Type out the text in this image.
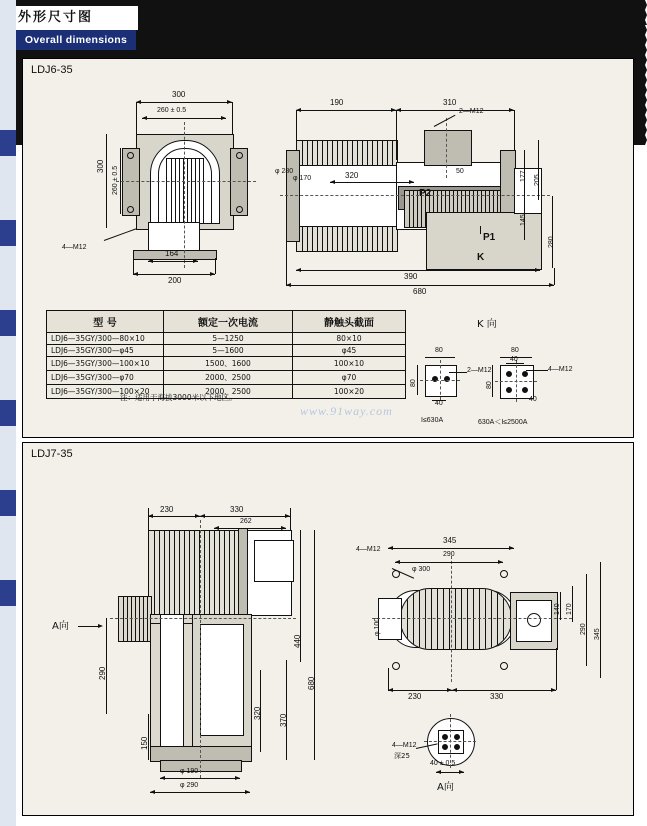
外形尺寸图
Overall dimensions
LDJ6-35
300
260 ± 0.5
300 260 ± 0.5
4—M12
164
200
190	310
2—M12
φ 280
φ 170	320	50
P2
P1
K
177 205
145
280
390
680
K 向
80
80
40
2—M12
I≤630A
80
40
80
40
4—M12
630A＜I≤2500A
型 号	额定一次电流	静触头截面
LDJ6—35GY/300—80×10	5—1250	80×10
LDJ6—35GY/300—φ45	5—1600	φ45
LDJ6—35GY/300—100×10	1500、1600	100×10
LDJ6—35GY/300—φ70	2000、2500	φ70
LDJ6—35GY/300—100×20	2000、2500	100×20
注：适用于海拔3000米以下地区。
www.91way.com
LDJ7-35
230	330
262
A向
290
150
440
680
370
320
φ 190
φ 290
345
290
4—M12
φ 300
φ 100
140 170
290 345
230	330
4—M12
深25
40 ± 0.5
A向
